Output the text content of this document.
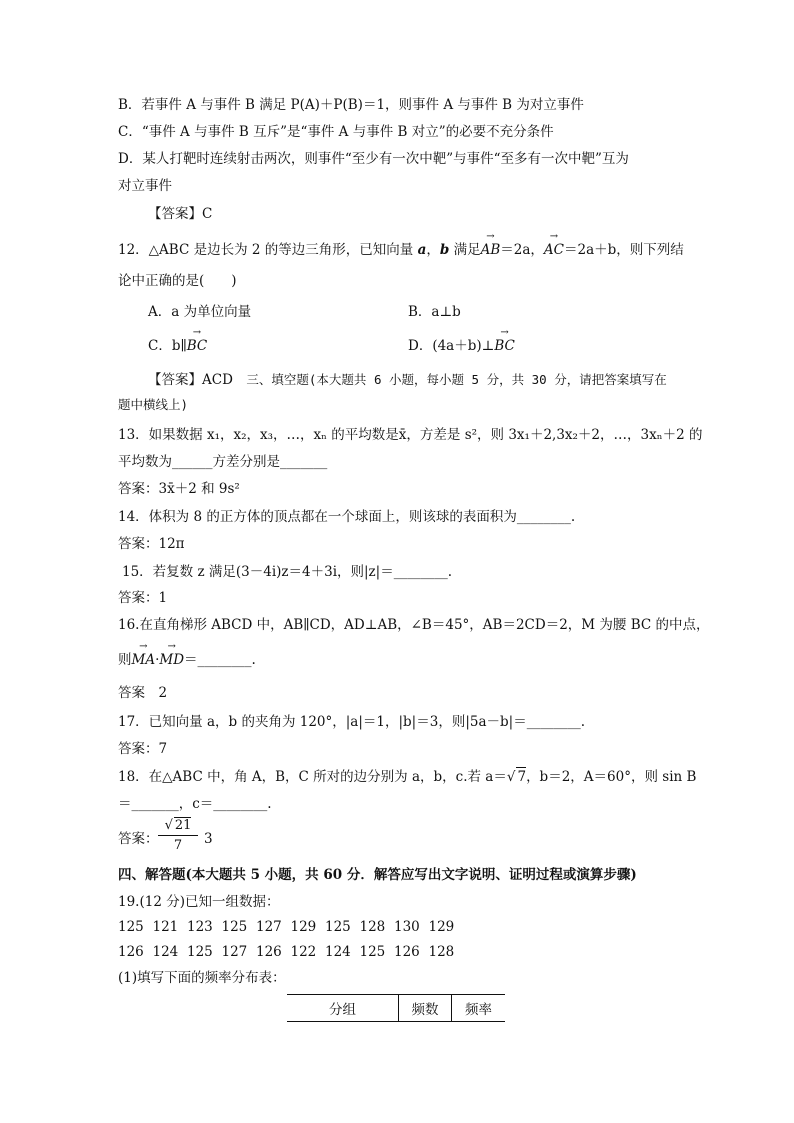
B．若事件 A 与事件 B 满足 P(A)＋P(B)＝1，则事件 A 与事件 B 为对立事件
C．“事件 A 与事件 B 互斥”是“事件 A 与事件 B 对立”的必要不充分条件
D．某人打靶时连续射击两次，则事件“至少有一次中靶”与事件“至多有一次中靶”互为
对立事件
【答案】C
12．△ABC 是边长为 2 的等边三角形，已知向量 a，b 满足
→
AB＝2a，
→
AC＝2a＋b，则下列结
论中正确的是(　　)
A．a 为单位向量	B．a⊥b
C．b∥
→
BC	D．(4a＋b)⊥
→
BC
【答案】ACD　 三、填空题(本大题共 6 小题，每小题 5 分，共 30 分，请把答案填写在
题中横线上)
13．如果数据 x₁，x₂，x₃，…，xₙ 的平均数是x̄，方差是 s²，则 3x₁＋2,3x₂＋2，…，3xₙ＋2 的
平均数为______方差分别是_______
答案：3x̄＋2 和 9s²
14．体积为 8 的正方体的顶点都在一个球面上，则该球的表面积为________.
答案：12π
15．若复数 z 满足(3－4i)z＝4＋3i，则|z|＝________.
答案：1
16.在直角梯形 ABCD 中，AB∥CD，AD⊥AB，∠B＝45°，AB＝2CD＝2，M 为腰 BC 的中点，
则
→
MA·
→
MD＝________.
答案　2
17．已知向量 a，b 的夹角为 120°，|a|＝1，|b|＝3，则|5a－b|＝________.
答案：7
18．在△ABC 中，角 A，B，C 所对的边分别为 a，b，c.若 a＝√ 7，b＝2，A＝60°，则 sin B
＝_______，c＝________.
答案： $\frac{√ 21}{7} 3$
四、解答题(本大题共 5 小题，共 60 分．解答应写出文字说明、证明过程或演算步骤)
19.(12 分)已知一组数据：
125 121 123 125 127 129 125 128 130 129
126 124 125 127 126 122 124 125 126 128
(1)填写下面的频率分布表：
分组	频数	频率
